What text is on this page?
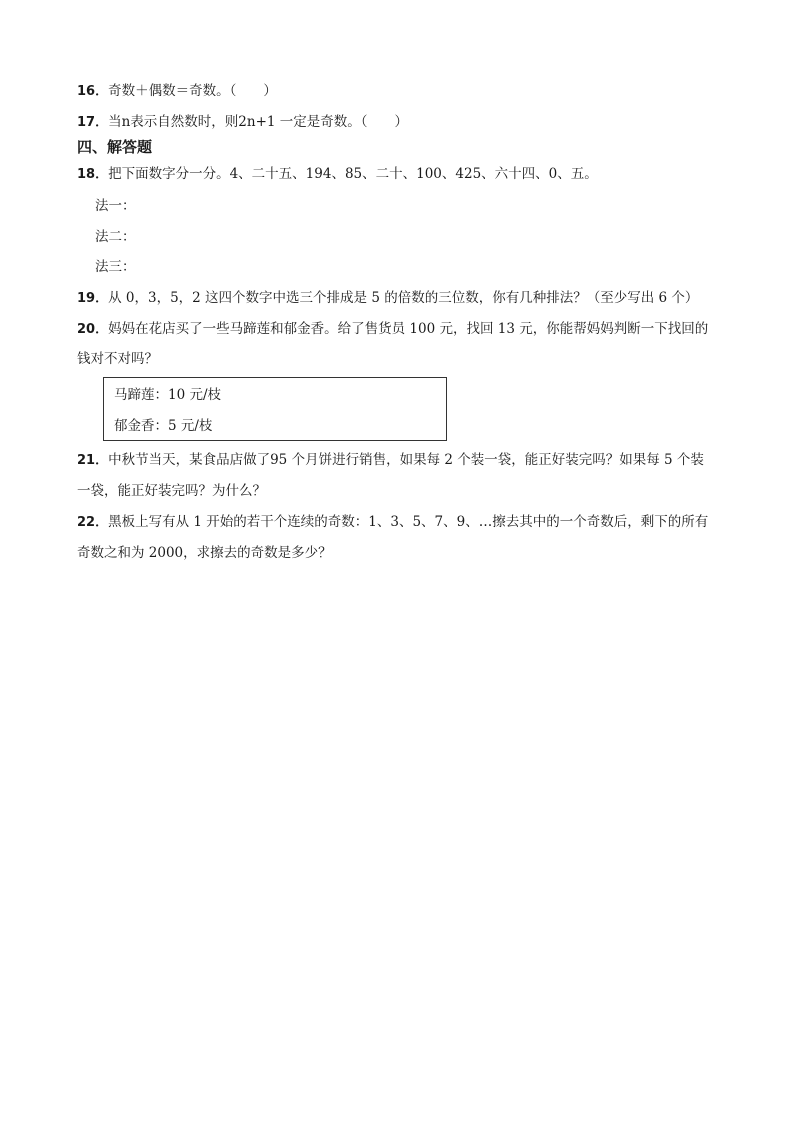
16．奇数＋偶数＝奇数。（　　）
17．当n表示自然数时，则2n+1 一定是奇数。（　　）
四、解答题
18．把下面数字分一分。4、二十五、194、85、二十、100、425、六十四、0、五。
法一：
法二：
法三：
19．从 0，3，5，2 这四个数字中选三个排成是 5 的倍数的三位数，你有几种排法？（至少写出 6 个）
20．妈妈在花店买了一些马蹄莲和郁金香。给了售货员 100 元，找回 13 元，你能帮妈妈判断一下找回的
钱对不对吗？
马蹄莲：10 元/枝
郁金香：5 元/枝
21．中秋节当天，某食品店做了95 个月饼进行销售，如果每 2 个装一袋，能正好装完吗？如果每 5 个装
一袋，能正好装完吗？为什么？
22．黑板上写有从 1 开始的若干个连续的奇数：1、3、5、7、9、…擦去其中的一个奇数后，剩下的所有
奇数之和为 2000，求擦去的奇数是多少？
